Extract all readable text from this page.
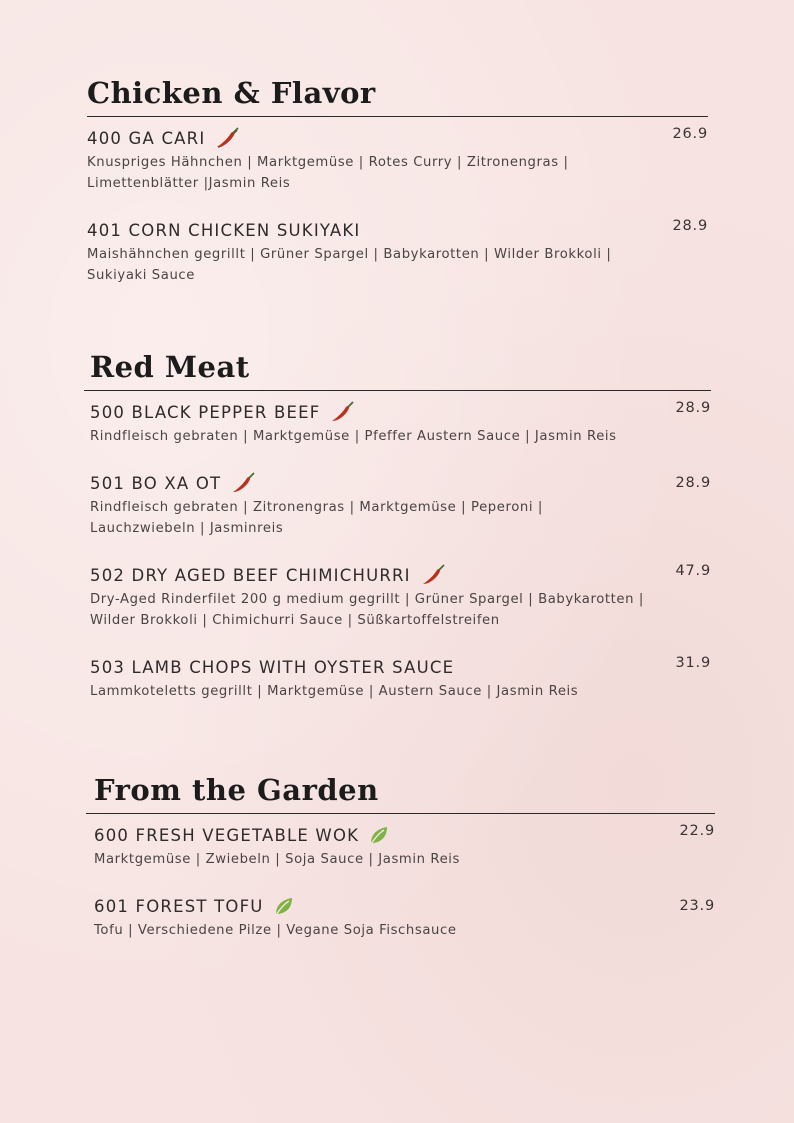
Chicken & Flavor
400 GA CARI
Knuspriges Hähnchen | Marktgemüse | Rotes Curry | Zitronengras | Limettenblätter |Jasmin Reis
26.9
401 CORN CHICKEN SUKIYAKI
Maishähnchen gegrillt | Grüner Spargel | Babykarotten | Wilder Brokkoli | Sukiyaki Sauce
28.9
Red Meat
500 BLACK PEPPER BEEF
Rindfleisch gebraten | Marktgemüse | Pfeffer Austern Sauce | Jasmin Reis
28.9
501 BO XA OT
Rindfleisch gebraten | Zitronengras | Marktgemüse | Peperoni | Lauchzwiebeln | Jasminreis
28.9
502 DRY AGED BEEF CHIMICHURRI
Dry-Aged Rinderfilet 200 g medium gegrillt | Grüner Spargel | Babykarotten | Wilder Brokkoli | Chimichurri Sauce | Süßkartoffelstreifen
47.9
503 LAMB CHOPS WITH OYSTER SAUCE
Lammkoteletts gegrillt | Marktgemüse | Austern Sauce | Jasmin Reis
31.9
From the Garden
600 FRESH VEGETABLE WOK
Marktgemüse | Zwiebeln | Soja Sauce | Jasmin Reis
22.9
601 FOREST TOFU
Tofu | Verschiedene Pilze | Vegane Soja Fischsauce
23.9
